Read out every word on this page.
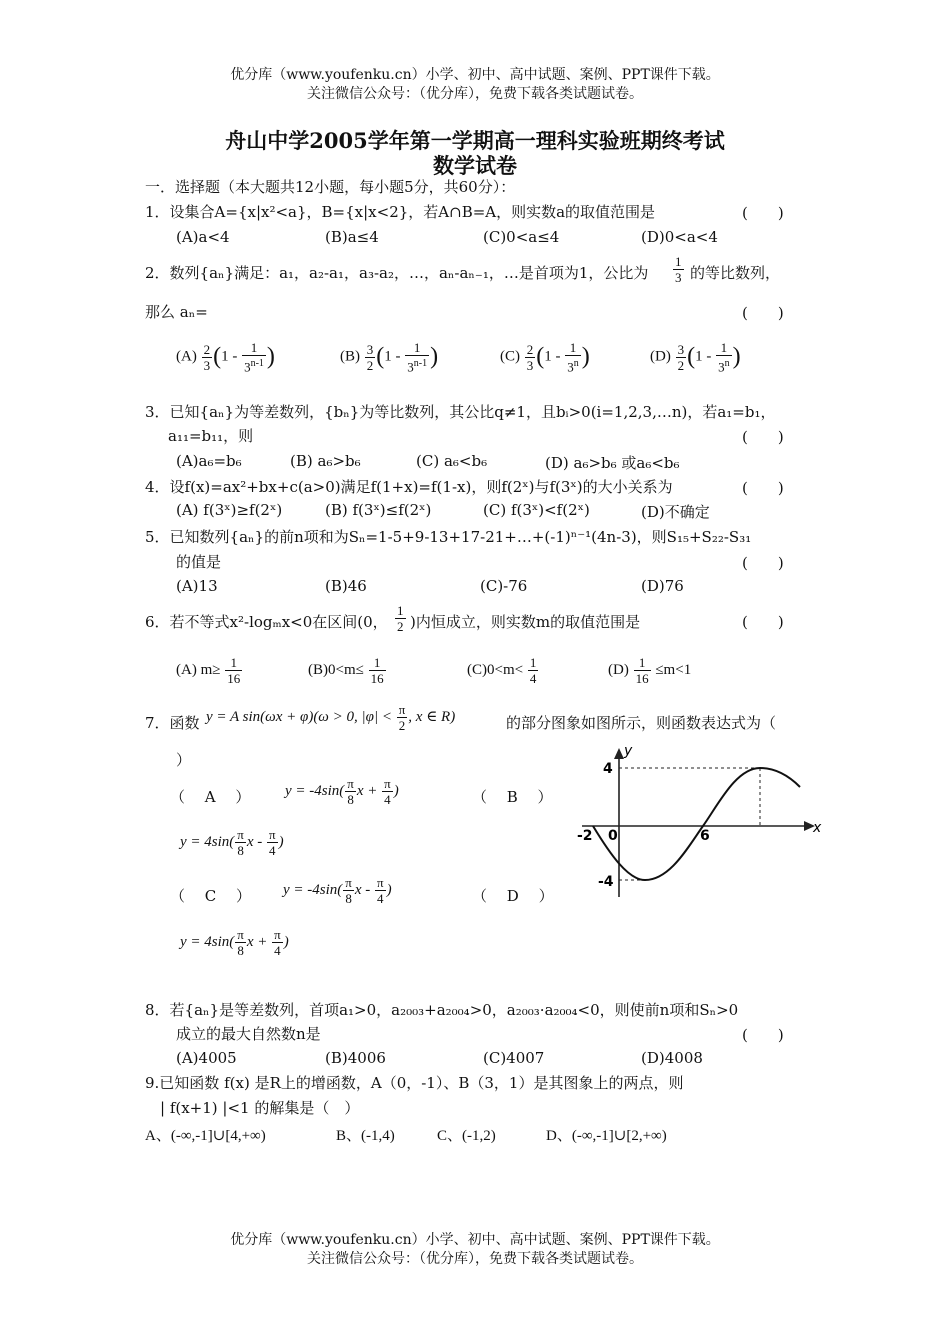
优分库（www.youfenku.cn）小学、初中、高中试题、案例、PPT课件下载。
关注微信公众号：（优分库），免费下载各类试题试卷。
舟山中学2005学年第一学期高一理科实验班期终考试
数学试卷
一．选择题（本大题共12小题，每小题5分，共60分）：
1．设集合A={x|x²<a}，B={x|x<2}，若A∩B=A，则实数a的取值范围是	(　　)
(A)a<4	(B)a≤4	(C)0<a≤4	(D)0<a<4
2．数列{aₙ}满足：a₁，a₂-a₁，a₃-a₂，…，aₙ-aₙ₋₁，…是首项为1，公比为 $\frac{1}{3}$ 的等比数列，
那么 aₙ=	(　　)
$(A) \frac{2}{3} (1 - \frac{1}{3^{n-1}}$ )	$(B) \frac{3}{2} (1 - \frac{1}{3^{n-1}}$ )	$(C) \frac{2}{3} (1 - \frac{1}{3^n}$ )	$(D) \frac{3}{2} (1 - \frac{1}{3^n}$ )
3．已知{aₙ}为等差数列，{bₙ}为等比数列，其公比q≠1，且bᵢ>0(i=1,2,3,…n)，若a₁=b₁，
a₁₁=b₁₁，则	(　　)
(A)a₆=b₆	(B) a₆>b₆	(C) a₆<b₆	(D) a₆>b₆ 或a₆<b₆
4．设f(x)=ax²+bx+c(a>0)满足f(1+x)=f(1-x)，则f(2ˣ)与f(3ˣ)的大小关系为	(　　)
(A) f(3ˣ)≥f(2ˣ)	(B) f(3ˣ)≤f(2ˣ)	(C) f(3ˣ)<f(2ˣ)	(D)不确定
5．已知数列{aₙ}的前n项和为Sₙ=1-5+9-13+17-21+…+(-1)ⁿ⁻¹(4n-3)，则S₁₅+S₂₂-S₃₁
的值是	(　　)
(A)13	(B)46	(C)-76	(D)76
6．若不等式x²-logₘx<0在区间(0， $\frac{1}{2}$ )内恒成立，则实数m的取值范围是	(　　)
(A) $m\ge \frac{1}{16}$	$(B)0<m\le \frac{1}{16}$	$(C)0<m< \frac{1}{4}$	$(D) \frac{1}{16} \le m<1$
7．函数 y = A sin(ωx + φ)(ω > 0, $|\varphi| < \frac{\pi}{2}$ , x ∈ R)	的部分图象如图所示，则函数表达式为（
）
（　 A　 ） $y = -4\sin( \frac{\pi}{8}$ $x + \frac{\pi}{4}$ )	（　 B　 ）
$y = 4\sin( \frac{\pi}{8}$ x - $\frac{\pi}{4}$ )
（　 C　 ） $y = -4\sin( \frac{\pi}{8}$ x - $\frac{\pi}{4}$ )	（　 D　 ）
$y = 4\sin( \frac{\pi}{8}$ $x + \frac{\pi}{4}$ )
y
x
4
-2 0	6
-4
8．若{aₙ}是等差数列，首项a₁>0，a₂₀₀₃+a₂₀₀₄>0，a₂₀₀₃·a₂₀₀₄<0，则使前n项和Sₙ>0
成立的最大自然数n是	(　　)
(A)4005	(B)4006	(C)4007	(D)4008
9.已知函数 f(x) 是R上的增函数，A（0，-1）、B（3，1）是其图象上的两点，则
| f(x+1) |<1 的解集是（　）
A、(-∞,-1]∪[4,+∞)	B、(-1,4)	C、(-1,2)	D、(-∞,-1]∪[2,+∞)
优分库（www.youfenku.cn）小学、初中、高中试题、案例、PPT课件下载。
关注微信公众号：（优分库），免费下载各类试题试卷。
